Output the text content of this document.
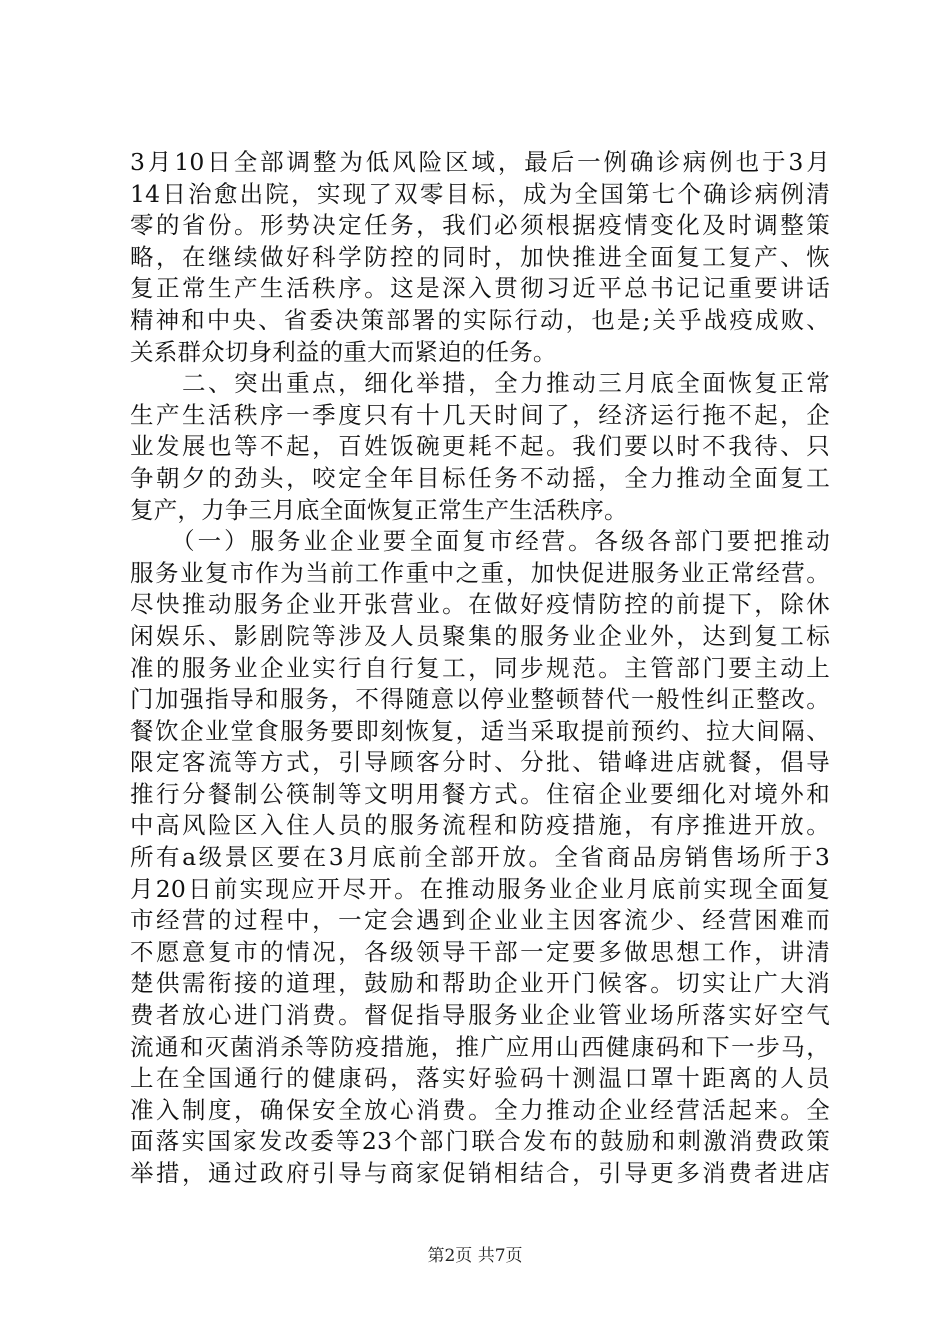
3月10日全部调整为低风险区域，最后一例确诊病例也于3月
14日治愈出院，实现了双零目标，成为全国第七个确诊病例清
零的省份。形势决定任务，我们必须根据疫情变化及时调整策
略，在继续做好科学防控的同时，加快推进全面复工复产、恢
复正常生产生活秩序。这是深入贯彻习近平总书记记重要讲话
精神和中央、省委决策部署的实际行动，也是;关乎战疫成败、
关系群众切身利益的重大而紧迫的任务。
　　二、突出重点，细化举措，全力推动三月底全面恢复正常
生产生活秩序一季度只有十几天时间了，经济运行拖不起，企
业发展也等不起，百姓饭碗更耗不起。我们要以时不我待、只
争朝夕的劲头，咬定全年目标任务不动摇，全力推动全面复工
复产，力争三月底全面恢复正常生产生活秩序。
　　（一）服务业企业要全面复市经营。各级各部门要把推动
服务业复市作为当前工作重中之重，加快促进服务业正常经营。
尽快推动服务企业开张营业。在做好疫情防控的前提下，除休
闲娱乐、影剧院等涉及人员聚集的服务业企业外，达到复工标
准的服务业企业实行自行复工，同步规范。主管部门要主动上
门加强指导和服务，不得随意以停业整顿替代一般性纠正整改。
餐饮企业堂食服务要即刻恢复，适当采取提前预约、拉大间隔、
限定客流等方式，引导顾客分时、分批、错峰进店就餐，倡导
推行分餐制公筷制等文明用餐方式。住宿企业要细化对境外和
中高风险区入住人员的服务流程和防疫措施，有序推进开放。
所有a级景区要在3月底前全部开放。全省商品房销售场所于3
月20日前实现应开尽开。在推动服务业企业月底前实现全面复
市经营的过程中，一定会遇到企业业主因客流少、经营困难而
不愿意复市的情况，各级领导干部一定要多做思想工作，讲清
楚供需衔接的道理，鼓励和帮助企业开门候客。切实让广大消
费者放心进门消费。督促指导服务业企业管业场所落实好空气
流通和灭菌消杀等防疫措施，推广应用山西健康码和下一步马，
上在全国通行的健康码，落实好验码十测温口罩十距离的人员
准入制度，确保安全放心消费。全力推动企业经营活起来。全
面落实国家发改委等23个部门联合发布的鼓励和刺激消费政策
举措，通过政府引导与商家促销相结合，引导更多消费者进店
第2页 共7页
